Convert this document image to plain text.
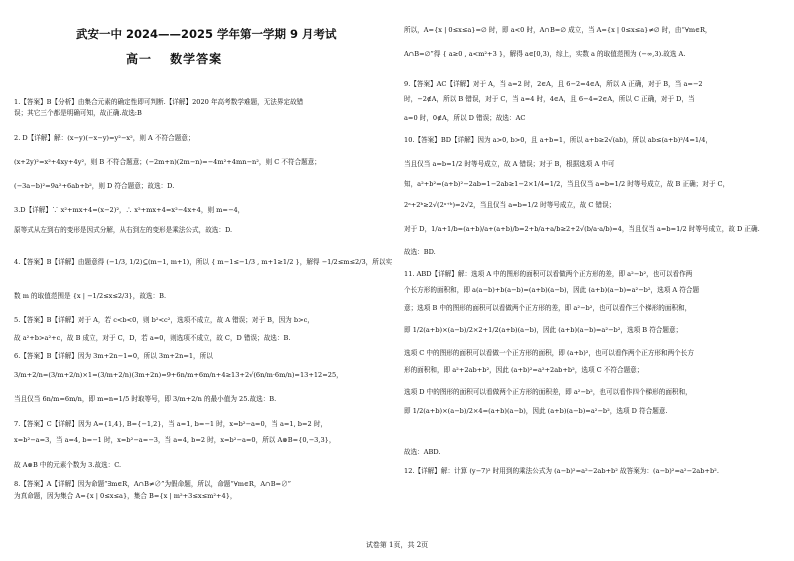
武安一中 2024——2025 学年第一学期 9 月考试
高一　 数学答案
1.【答案】B【分析】由集合元素的确定性即可判断.【详解】2020 年高考数学难题，无法界定故错
误；其它三个都是明确可知，故正确.故选:B
2. D【详解】解：(x−y)(−x−y)=y²−x²，则 A 不符合题意；
(x+2y)²=x²+4xy+4y²，则 B 不符合题意；(−2m+n)(2m−n)=−4m²+4mn−n²，则 C 不符合题意；
(−3a−b)²=9a²+6ab+b²，则 D 符合题意；故选：D.
3.D【详解】∵ x²+mx+4=(x−2)²，∴ x²+mx+4=x²−4x+4，则 m=−4，
原等式从左到右的变形是因式分解，从右到左的变形是乘法公式，故选：D.
4.【答案】B【详解】由题意得 (−1/3, 1/2)⊆(m−1, m+1)，所以 { m−1≤−1/3 , m+1≥1/2 }，解得 −1/2≤m≤2/3，所以实
数 m 的取值范围是 {x | −1/2≤x≤2/3}，故选：B.
5.【答案】B【详解】对于 A，若 c<b<0，则 b²<c²，选项不成立，故 A 错误；对于 B，因为 b>c，
故 a²+b>a²+c，故 B 成立，对于 C，D，若 a=0，则选项不成立，故 C，D 错误；故选：B.
6.【答案】B【详解】因为 3m+2n−1=0，所以 3m+2n=1，所以
3/m+2/n=(3/m+2/n)×1=(3/m+2/n)(3m+2n)=9+6n/m+6m/n+4≥13+2√(6n/m·6m/n)=13+12=25，
当且仅当 6n/m=6m/n，即 m=n=1/5 时取等号，即 3/m+2/n 的最小值为 25.故选：B.
7.【答案】C【详解】因为 A={1,4}, B={−1,2}，当 a=1, b=−1 时，x=b²−a=0，当 a=1, b=2 时，
x=b²−a=3，当 a=4, b=−1 时，x=b²−a=−3，当 a=4, b=2 时，x=b²−a=0，所以 A⊗B={0,−3,3}，
故 A⊗B 中的元素个数为 3.故选：C.
8.【答案】A【详解】因为命题“∃m∈R，A∩B≠∅”为假命题，所以，命题“∀m∈R，A∩B=∅”
为真命题，因为集合 A={x | 0≤x≤a}，集合 B={x | m²+3≤x≤m²+4}，
所以，A={x | 0≤x≤a}=∅ 时，即 a<0 时，A∩B=∅ 成立，当 A={x | 0≤x≤a}≠∅ 时，由“∀m∈R，
A∩B=∅”得 { a≥0 , a<m²+3 }，解得 a∈[0,3)，综上，实数 a 的取值范围为 (−∞,3).故选 A.
9.【答案】AC【详解】对于 A，当 a=2 时，2∈A，且 6−2=4∈A，所以 A 正确，对于 B，当 a=−2
时，−2∉A，所以 B 错误，对于 C，当 a=4 时，4∈A，且 6−4=2∈A，所以 C 正确，对于 D，当
a=0 时，0∉A，所以 D 错误；故选：AC
10.【答案】BD【详解】因为 a>0, b>0，且 a+b=1，所以 a+b≥2√(ab)，所以 ab≤(a+b)²/4=1/4，
当且仅当 a=b=1/2 时等号成立，故 A 错误；对于 B，根据选项 A 中可
知，a²+b²=(a+b)²−2ab=1−2ab≥1−2×1/4=1/2，当且仅当 a=b=1/2 时等号成立，故 B 正确；对于 C，
2ᵃ+2ᵇ≥2√(2ᵃ⁺ᵇ)=2√2，当且仅当 a=b=1/2 时等号成立，故 C 错误；
对于 D，1/a+1/b=(a+b)/a+(a+b)/b=2+b/a+a/b≥2+2√(b/a·a/b)=4，当且仅当 a=b=1/2 时等号成立，故 D 正确.
故选：BD.
11. ABD【详解】解：选项 A 中的图形的面积可以看做两个正方形的差，即 a²−b²，也可以看作两
个长方形的面积和，即 a(a−b)+b(a−b)=(a+b)(a−b)，因此 (a+b)(a−b)=a²−b²，选项 A 符合题
意；选项 B 中的图形的面积可以看做两个正方形的差，即 a²−b²，也可以看作三个梯形的面积和，
即 1/2(a+b)×(a−b)/2×2+1/2(a+b)(a−b)，因此 (a+b)(a−b)=a²−b²，选项 B 符合题意；
选项 C 中的图形的面积可以看做一个正方形的面积，即 (a+b)²，也可以看作两个正方形和两个长方
形的面积和，即 a²+2ab+b²，因此 (a+b)²=a²+2ab+b²，选项 C 不符合题意；
选项 D 中的图形的面积可以看做两个正方形的面积差，即 a²−b²，也可以看作四个梯形的面积和，
即 1/2(a+b)×(a−b)/2×4=(a+b)(a−b)，因此 (a+b)(a−b)=a²−b²，选项 D 符合题意.
故选：ABD.
12.【详解】解：计算 (y−7)² 时用到的乘法公式为 (a−b)²=a²−2ab+b² 故答案为：(a−b)²=a²−2ab+b².
试卷第 1页，共 2页
